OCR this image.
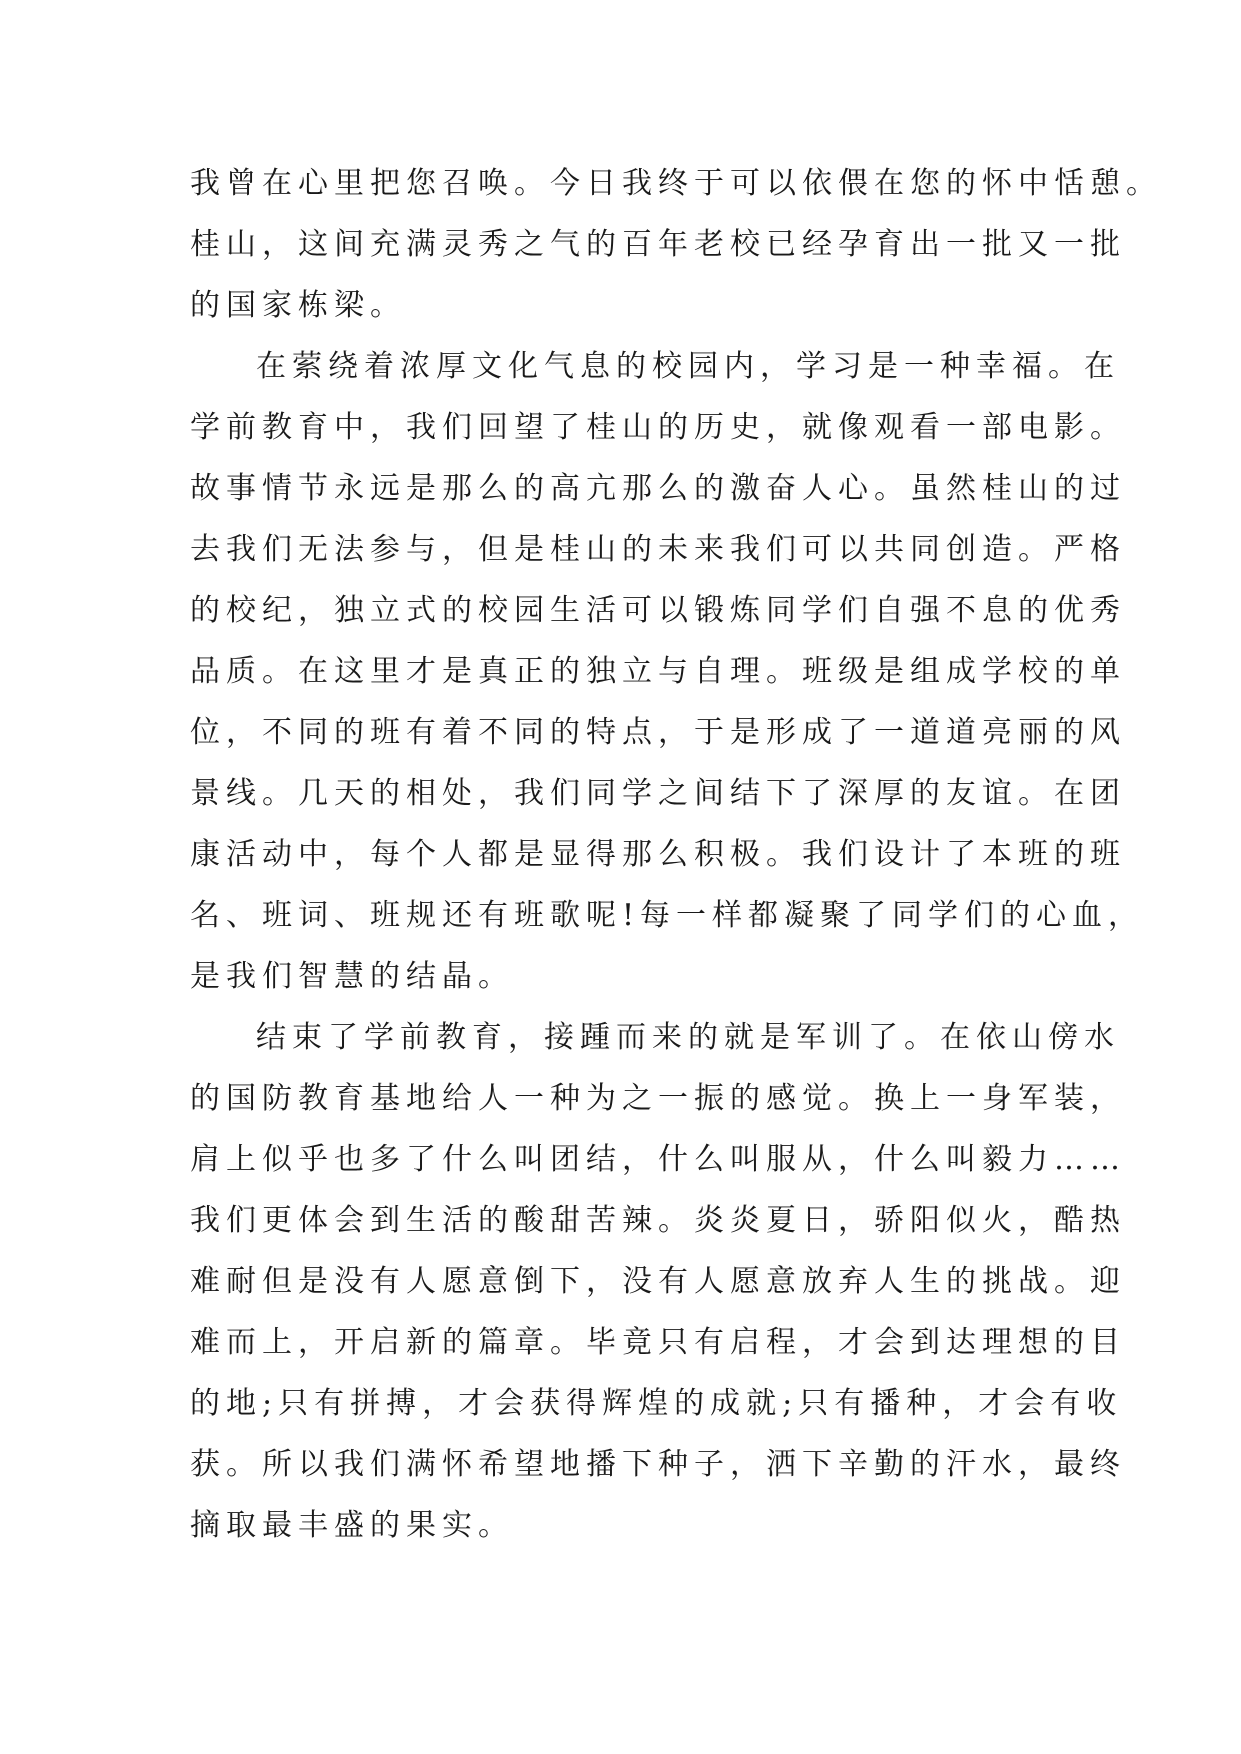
我曾在心里把您召唤。今日我终于可以依偎在您的怀中恬憩。
桂山，这间充满灵秀之气的百年老校已经孕育出一批又一批
的国家栋梁。
在萦绕着浓厚文化气息的校园内，学习是一种幸福。在
学前教育中，我们回望了桂山的历史，就像观看一部电影。
故事情节永远是那么的高亢那么的激奋人心。虽然桂山的过
去我们无法参与，但是桂山的未来我们可以共同创造。严格
的校纪，独立式的校园生活可以锻炼同学们自强不息的优秀
品质。在这里才是真正的独立与自理。班级是组成学校的单
位，不同的班有着不同的特点，于是形成了一道道亮丽的风
景线。几天的相处，我们同学之间结下了深厚的友谊。在团
康活动中，每个人都是显得那么积极。我们设计了本班的班
名、班词、班规还有班歌呢!每一样都凝聚了同学们的心血，
是我们智慧的结晶。
结束了学前教育，接踵而来的就是军训了。在依山傍水
的国防教育基地给人一种为之一振的感觉。换上一身军装，
肩上似乎也多了什么叫团结，什么叫服从，什么叫毅力……
我们更体会到生活的酸甜苦辣。炎炎夏日，骄阳似火，酷热
难耐但是没有人愿意倒下，没有人愿意放弃人生的挑战。迎
难而上，开启新的篇章。毕竟只有启程，才会到达理想的目
的地;只有拼搏，才会获得辉煌的成就;只有播种，才会有收
获。所以我们满怀希望地播下种子，洒下辛勤的汗水，最终
摘取最丰盛的果实。
